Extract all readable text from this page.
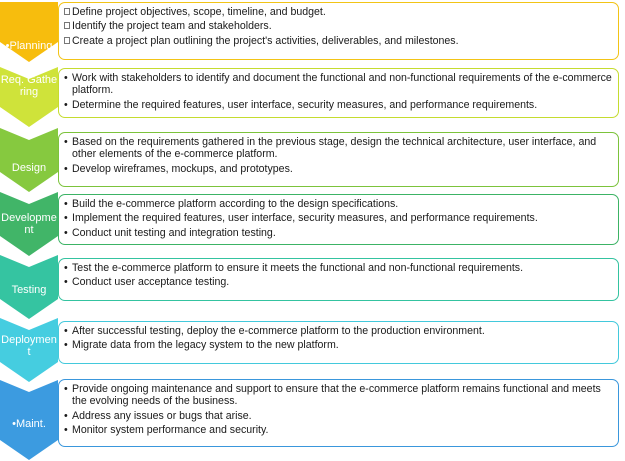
•Planning
Define project objectives, scope, timeline, and budget.
Identify the project team and stakeholders.
Create a project plan outlining the project's activities, deliverables, and milestones.
Req. Gathering
• Work with stakeholders to identify and document the functional and non-functional requirements of the e-commerce platform.
• Determine the required features, user interface, security measures, and performance requirements.
Design
• Based on the requirements gathered in the previous stage, design the technical architecture, user interface, and other elements of the e-commerce platform.
• Develop wireframes, mockups, and prototypes.
Development
• Build the e-commerce platform according to the design specifications.
• Implement the required features, user interface, security measures, and performance requirements.
• Conduct unit testing and integration testing.
Testing
• Test the e-commerce platform to ensure it meets the functional and non-functional requirements.
• Conduct user acceptance testing.
Deployment
• After successful testing, deploy the e-commerce platform to the production environment.
• Migrate data from the legacy system to the new platform.
•Maint.
• Provide ongoing maintenance and support to ensure that the e-commerce platform remains functional and meets the evolving needs of the business.
• Address any issues or bugs that arise.
• Monitor system performance and security.
